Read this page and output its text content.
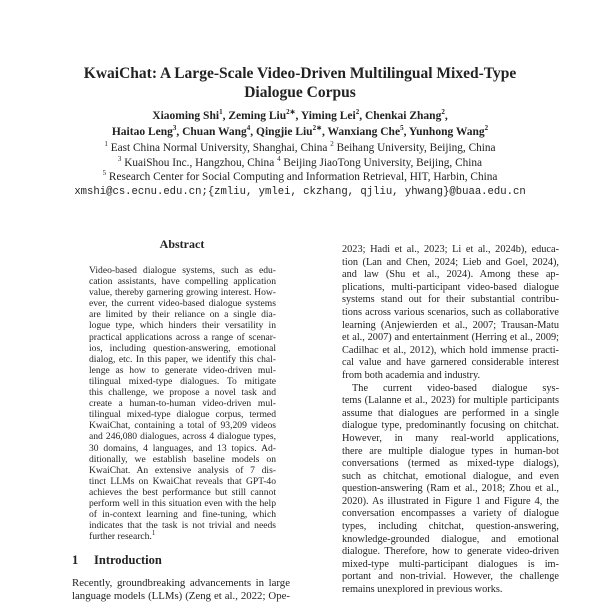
KwaiChat: A Large-Scale Video-Driven Multilingual Mixed-Type
Dialogue Corpus
Xiaoming Shi$^1$, Zeming Liu$^{2∗}$, Yiming Lei$^2$, Chenkai Zhang$^2$,
Haitao Leng$^3$, Chuan Wang$^4$, Qingjie Liu$^{2∗}$, Wanxiang Che$^5$, Yunhong Wang$^2$
$^1$ East China Normal University, Shanghai, China $^2$ Beihang University, Beijing, China
$^3$ KuaiShou Inc., Hangzhou, China $^4$ Beijing JiaoTong University, Beijing, China
$^5$ Research Center for Social Computing and Information Retrieval, HIT, Harbin, China
xmshi@cs.ecnu.edu.cn;{zmliu, ymlei, ckzhang, qjliu, yhwang}@buaa.edu.cn
Abstract
Video-based dialogue systems, such as edu-
cation assistants, have compelling application
value, thereby garnering growing interest. How-
ever, the current video-based dialogue systems
are limited by their reliance on a single dia-
logue type, which hinders their versatility in
practical applications across a range of scenar-
ios, including question-answering, emotional
dialog, etc. In this paper, we identify this chal-
lenge as how to generate video-driven mul-
tilingual mixed-type dialogues. To mitigate
this challenge, we propose a novel task and
create a human-to-human video-driven mul-
tilingual mixed-type dialogue corpus, termed
KwaiChat, containing a total of 93,209 videos
and 246,080 dialogues, across 4 dialogue types,
30 domains, 4 languages, and 13 topics. Ad-
ditionally, we establish baseline models on
KwaiChat. An extensive analysis of 7 dis-
tinct LLMs on KwaiChat reveals that GPT-4o
achieves the best performance but still cannot
perform well in this situation even with the help
of in-context learning and fine-tuning, which
indicates that the task is not trivial and needs
further research.$^1$
1 Introduction
Recently, groundbreaking advancements in large
language models (LLMs) (Zeng et al., 2022; Ope-
2023; Hadi et al., 2023; Li et al., 2024b), educa-
tion (Lan and Chen, 2024; Lieb and Goel, 2024),
and law (Shu et al., 2024). Among these ap-
plications, multi-participant video-based dialogue
systems stand out for their substantial contribu-
tions across various scenarios, such as collaborative
learning (Anjewierden et al., 2007; Trausan-Matu
et al., 2007) and entertainment (Herring et al., 2009;
Cadilhac et al., 2012), which hold immense practi-
cal value and have garnered considerable interest
from both academia and industry.
The current video-based dialogue sys-
tems (Lalanne et al., 2023) for multiple participants
assume that dialogues are performed in a single
dialogue type, predominantly focusing on chitchat.
However, in many real-world applications,
there are multiple dialogue types in human-bot
conversations (termed as mixed-type dialogs),
such as chitchat, emotional dialogue, and even
question-answering (Ram et al., 2018; Zhou et al.,
2020). As illustrated in Figure 1 and Figure 4, the
conversation encompasses a variety of dialogue
types, including chitchat, question-answering,
knowledge-grounded dialogue, and emotional
dialogue. Therefore, how to generate video-driven
mixed-type multi-participant dialogues is im-
portant and non-trivial. However, the challenge
remains unexplored in previous works.
